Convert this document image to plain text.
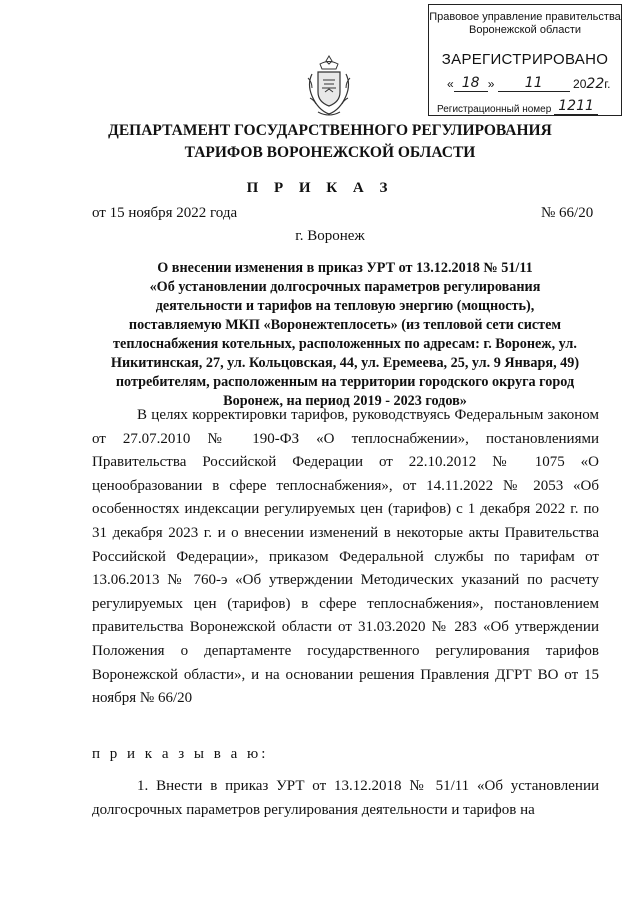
Правовое управление правительства
Воронежской области
ЗАРЕГИСТРИРОВАНО
« 18 » 11	2022г.
Регистрационный номер 1211
ДЕПАРТАМЕНТ ГОСУДАРСТВЕННОГО РЕГУЛИРОВАНИЯ
ТАРИФОВ ВОРОНЕЖСКОЙ ОБЛАСТИ
П Р И К А З
от 15 ноября 2022 года	№ 66/20
г. Воронеж
О внесении изменения в приказ УРТ от 13.12.2018 № 51/11
«Об установлении долгосрочных параметров регулирования
деятельности и тарифов на тепловую энергию (мощность),
поставляемую МКП «Воронежтеплосеть» (из тепловой сети систем
теплоснабжения котельных, расположенных по адресам: г. Воронеж, ул.
Никитинская, 27, ул. Кольцовская, 44, ул. Еремеева, 25, ул. 9 Января, 49)
потребителям, расположенным на территории городского округа город
Воронеж, на период 2019 - 2023 годов»

В целях корректировки тарифов, руководствуясь Федеральным законом от 27.07.2010 № 190-ФЗ «О теплоснабжении», постановлениями Правительства Российской Федерации от 22.10.2012 № 1075 «О ценообразовании в сфере теплоснабжения», от 14.11.2022 № 2053 «Об особенностях индексации регулируемых цен (тарифов) с 1 декабря 2022 г. по 31 декабря 2023 г. и о внесении изменений в некоторые акты Правительства Российской Федерации», приказом Федеральной службы по тарифам от 13.06.2013 № 760-э «Об утверждении Методических указаний по расчету регулируемых цен (тарифов) в сфере теплоснабжения», постановлением правительства Воронежской области от 31.03.2020 № 283 «Об утверждении Положения о департаменте государственного регулирования тарифов Воронежской области», и на основании решения Правления ДГРТ ВО от 15 ноября № 66/20

п р и к а з ы в а ю:

1. Внести в приказ УРТ от 13.12.2018 № 51/11 «Об установлении долгосрочных параметров регулирования деятельности и тарифов на
